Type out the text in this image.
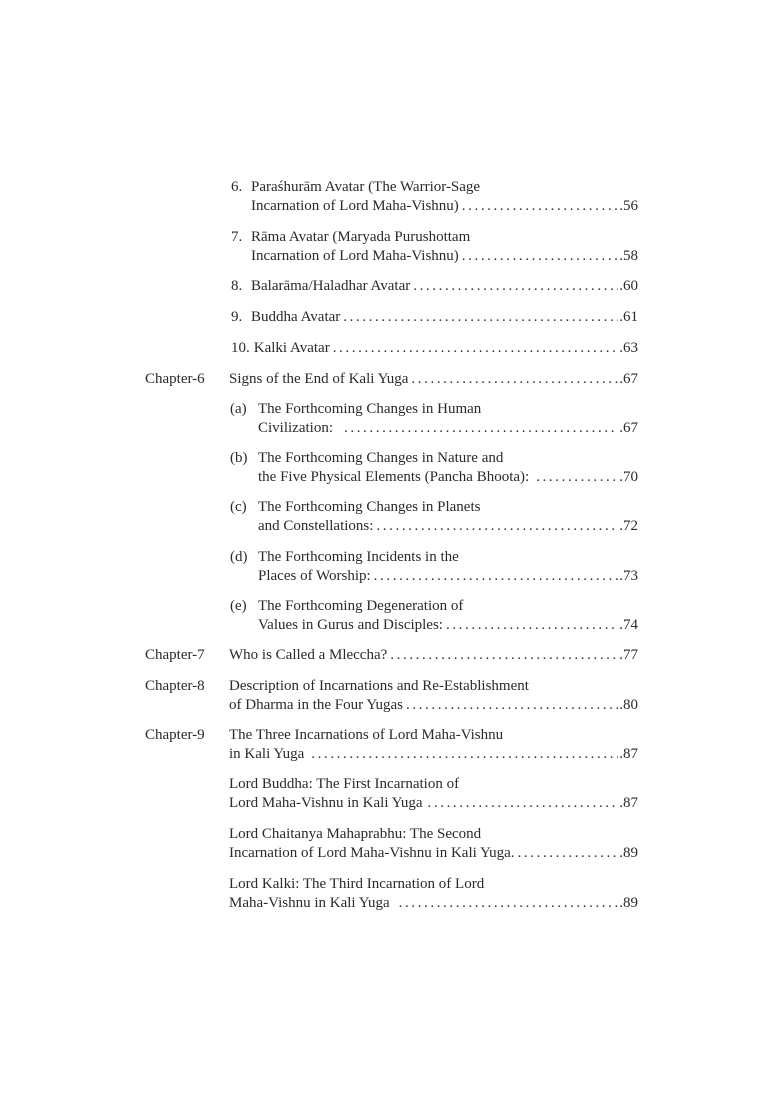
6. Paraśhurām Avatar (The Warrior-Sage
Incarnation of Lord Maha-Vishnu) .....	.56
7. Rāma Avatar (Maryada Purushottam
Incarnation of Lord Maha-Vishnu) .....	.58
8. Balarāma/Haladhar Avatar .....	.60
9. Buddha Avatar .....	.61
10. Kalki Avatar .....	.63
Chapter-6 Signs of the End of Kali Yuga .....	.67
(a) The Forthcoming Changes in Human
Civilization: .....	.67
(b) The Forthcoming Changes in Nature and
the Five Physical Elements (Pancha Bhoota): .....	.70
(c) The Forthcoming Changes in Planets
and Constellations: .....	.72
(d) The Forthcoming Incidents in the
Places of Worship: .....	.73
(e) The Forthcoming Degeneration of
Values in Gurus and Disciples: .....	.74
Chapter-7 Who is Called a Mleccha? .....	.77
Chapter-8 Description of Incarnations and Re-Establishment
of Dharma in the Four Yugas .....	.80
Chapter-9 The Three Incarnations of Lord Maha-Vishnu
in Kali Yuga .....	.87
Lord Buddha: The First Incarnation of
Lord Maha-Vishnu in Kali Yuga .....	.87
Lord Chaitanya Mahaprabhu: The Second
Incarnation of Lord Maha-Vishnu in Kali Yuga. .....	.89
Lord Kalki: The Third Incarnation of Lord
Maha-Vishnu in Kali Yuga .....	.89
